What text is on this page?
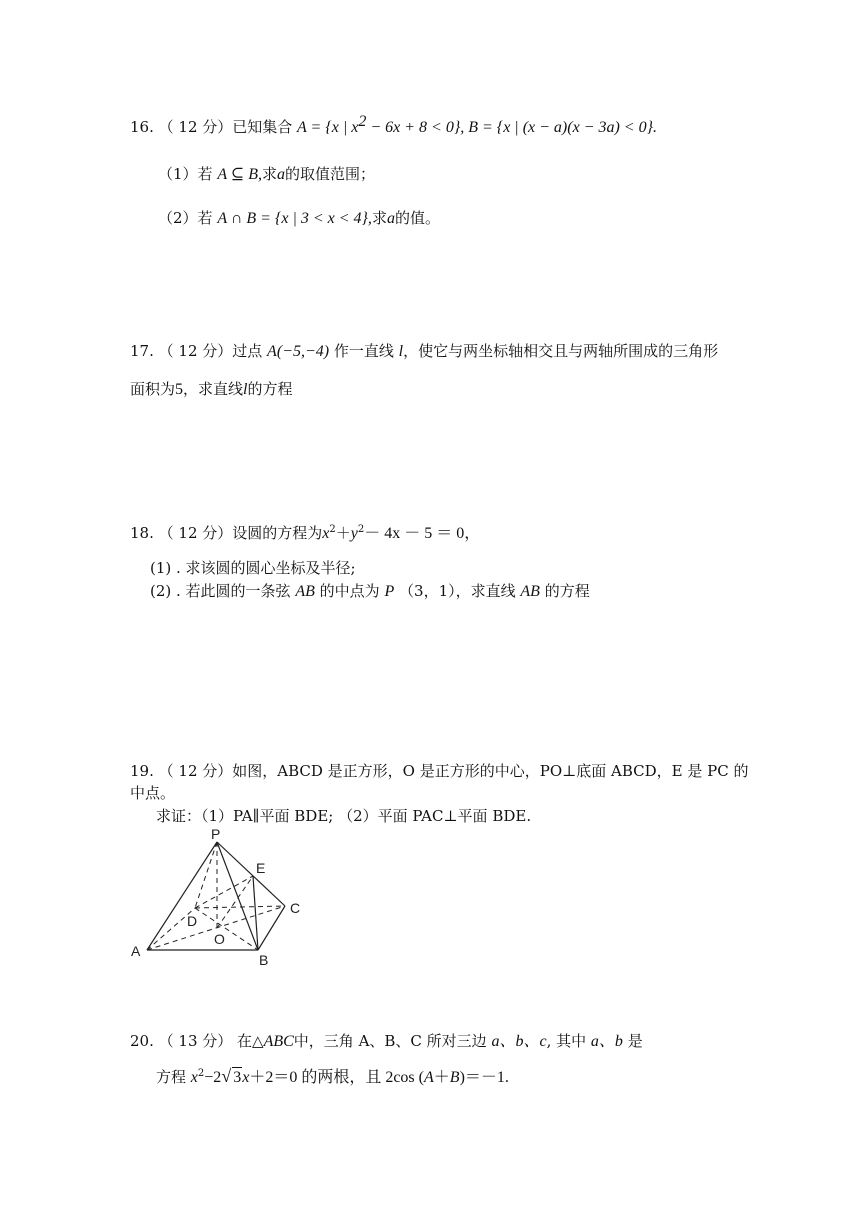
16. （ 12 分）已知集合 A = {x | $x^2 - 6x + 8 < 0$}, B = {x | (x − a)(x − 3a) < 0}.
（1）若 A ⊆ B,求a的取值范围；
（2）若 A ∩ B = {x | 3 < x < 4},求a的值。
17. （ 12 分）过点 A(−5,−4) 作一直线 l，使它与两坐标轴相交且与两轴所围成的三角形
面积为5，求直线l的方程
18. （ 12 分）设圆的方程为$x^2+y^2- 4x - 5 = 0$，
(1) . 求该圆的圆心坐标及半径;
(2) . 若此圆的一条弦 AB 的中点为 P （3，1），求直线 AB 的方程
19. （ 12 分）如图，ABCD 是正方形，O 是正方形的中心，PO⊥底面 ABCD，E 是 PC 的
中点。
求证：（1）PA∥平面 BDE; （2）平面 PAC⊥平面 BDE.
P
E
D
C
O
A
B
20. （ 13 分） 在△ABC中，三角 A、B、C 所对三边 a、b、c, 其中 a、b 是
方程 $x^2-2√$ 3x＋2＝0 的两根，且 2cos (A＋B)＝－1.
